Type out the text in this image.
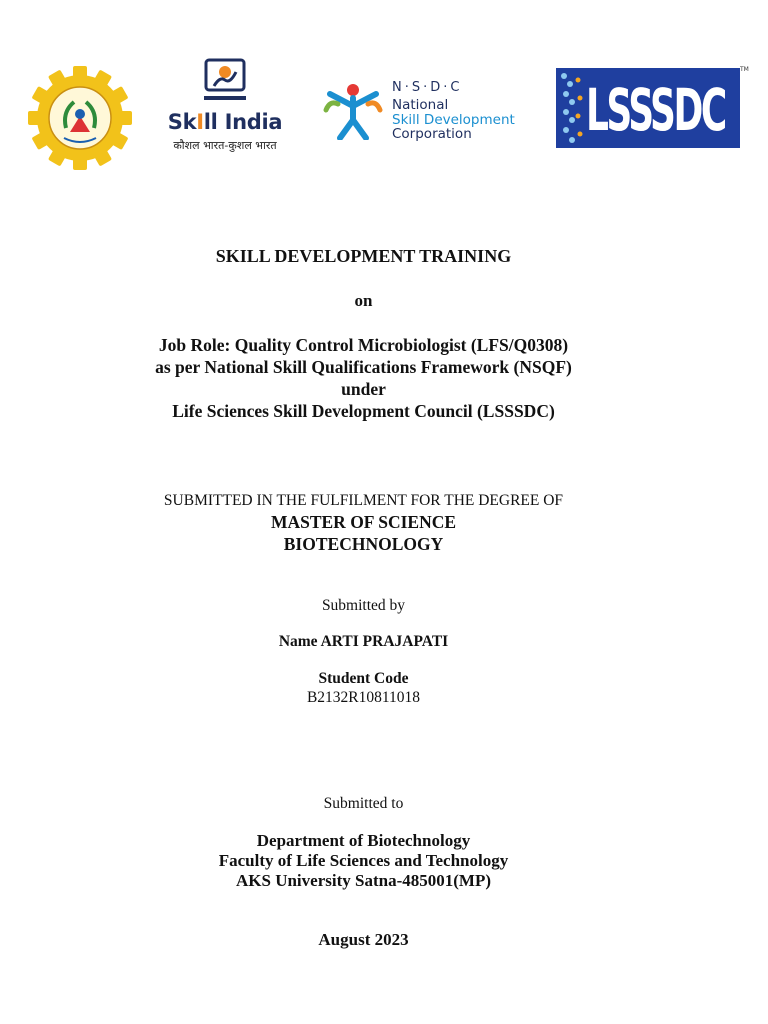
SkIll India
कौशल भारत-कुशल भारत
N·S·D·C
National
Skill Development
Corporation LSSSDC
TM
SKILL DEVELOPMENT TRAINING
on
Job Role: Quality Control Microbiologist (LFS/Q0308)
as per National Skill Qualifications Framework (NSQF)
under
Life Sciences Skill Development Council (LSSSDC)
SUBMITTED IN THE FULFILMENT FOR THE DEGREE OF
MASTER OF SCIENCE
BIOTECHNOLOGY
Submitted by
Name ARTI PRAJAPATI
Student Code
B2132R10811018
Submitted to
Department of Biotechnology
Faculty of Life Sciences and Technology
AKS University Satna-485001(MP)
August 2023
